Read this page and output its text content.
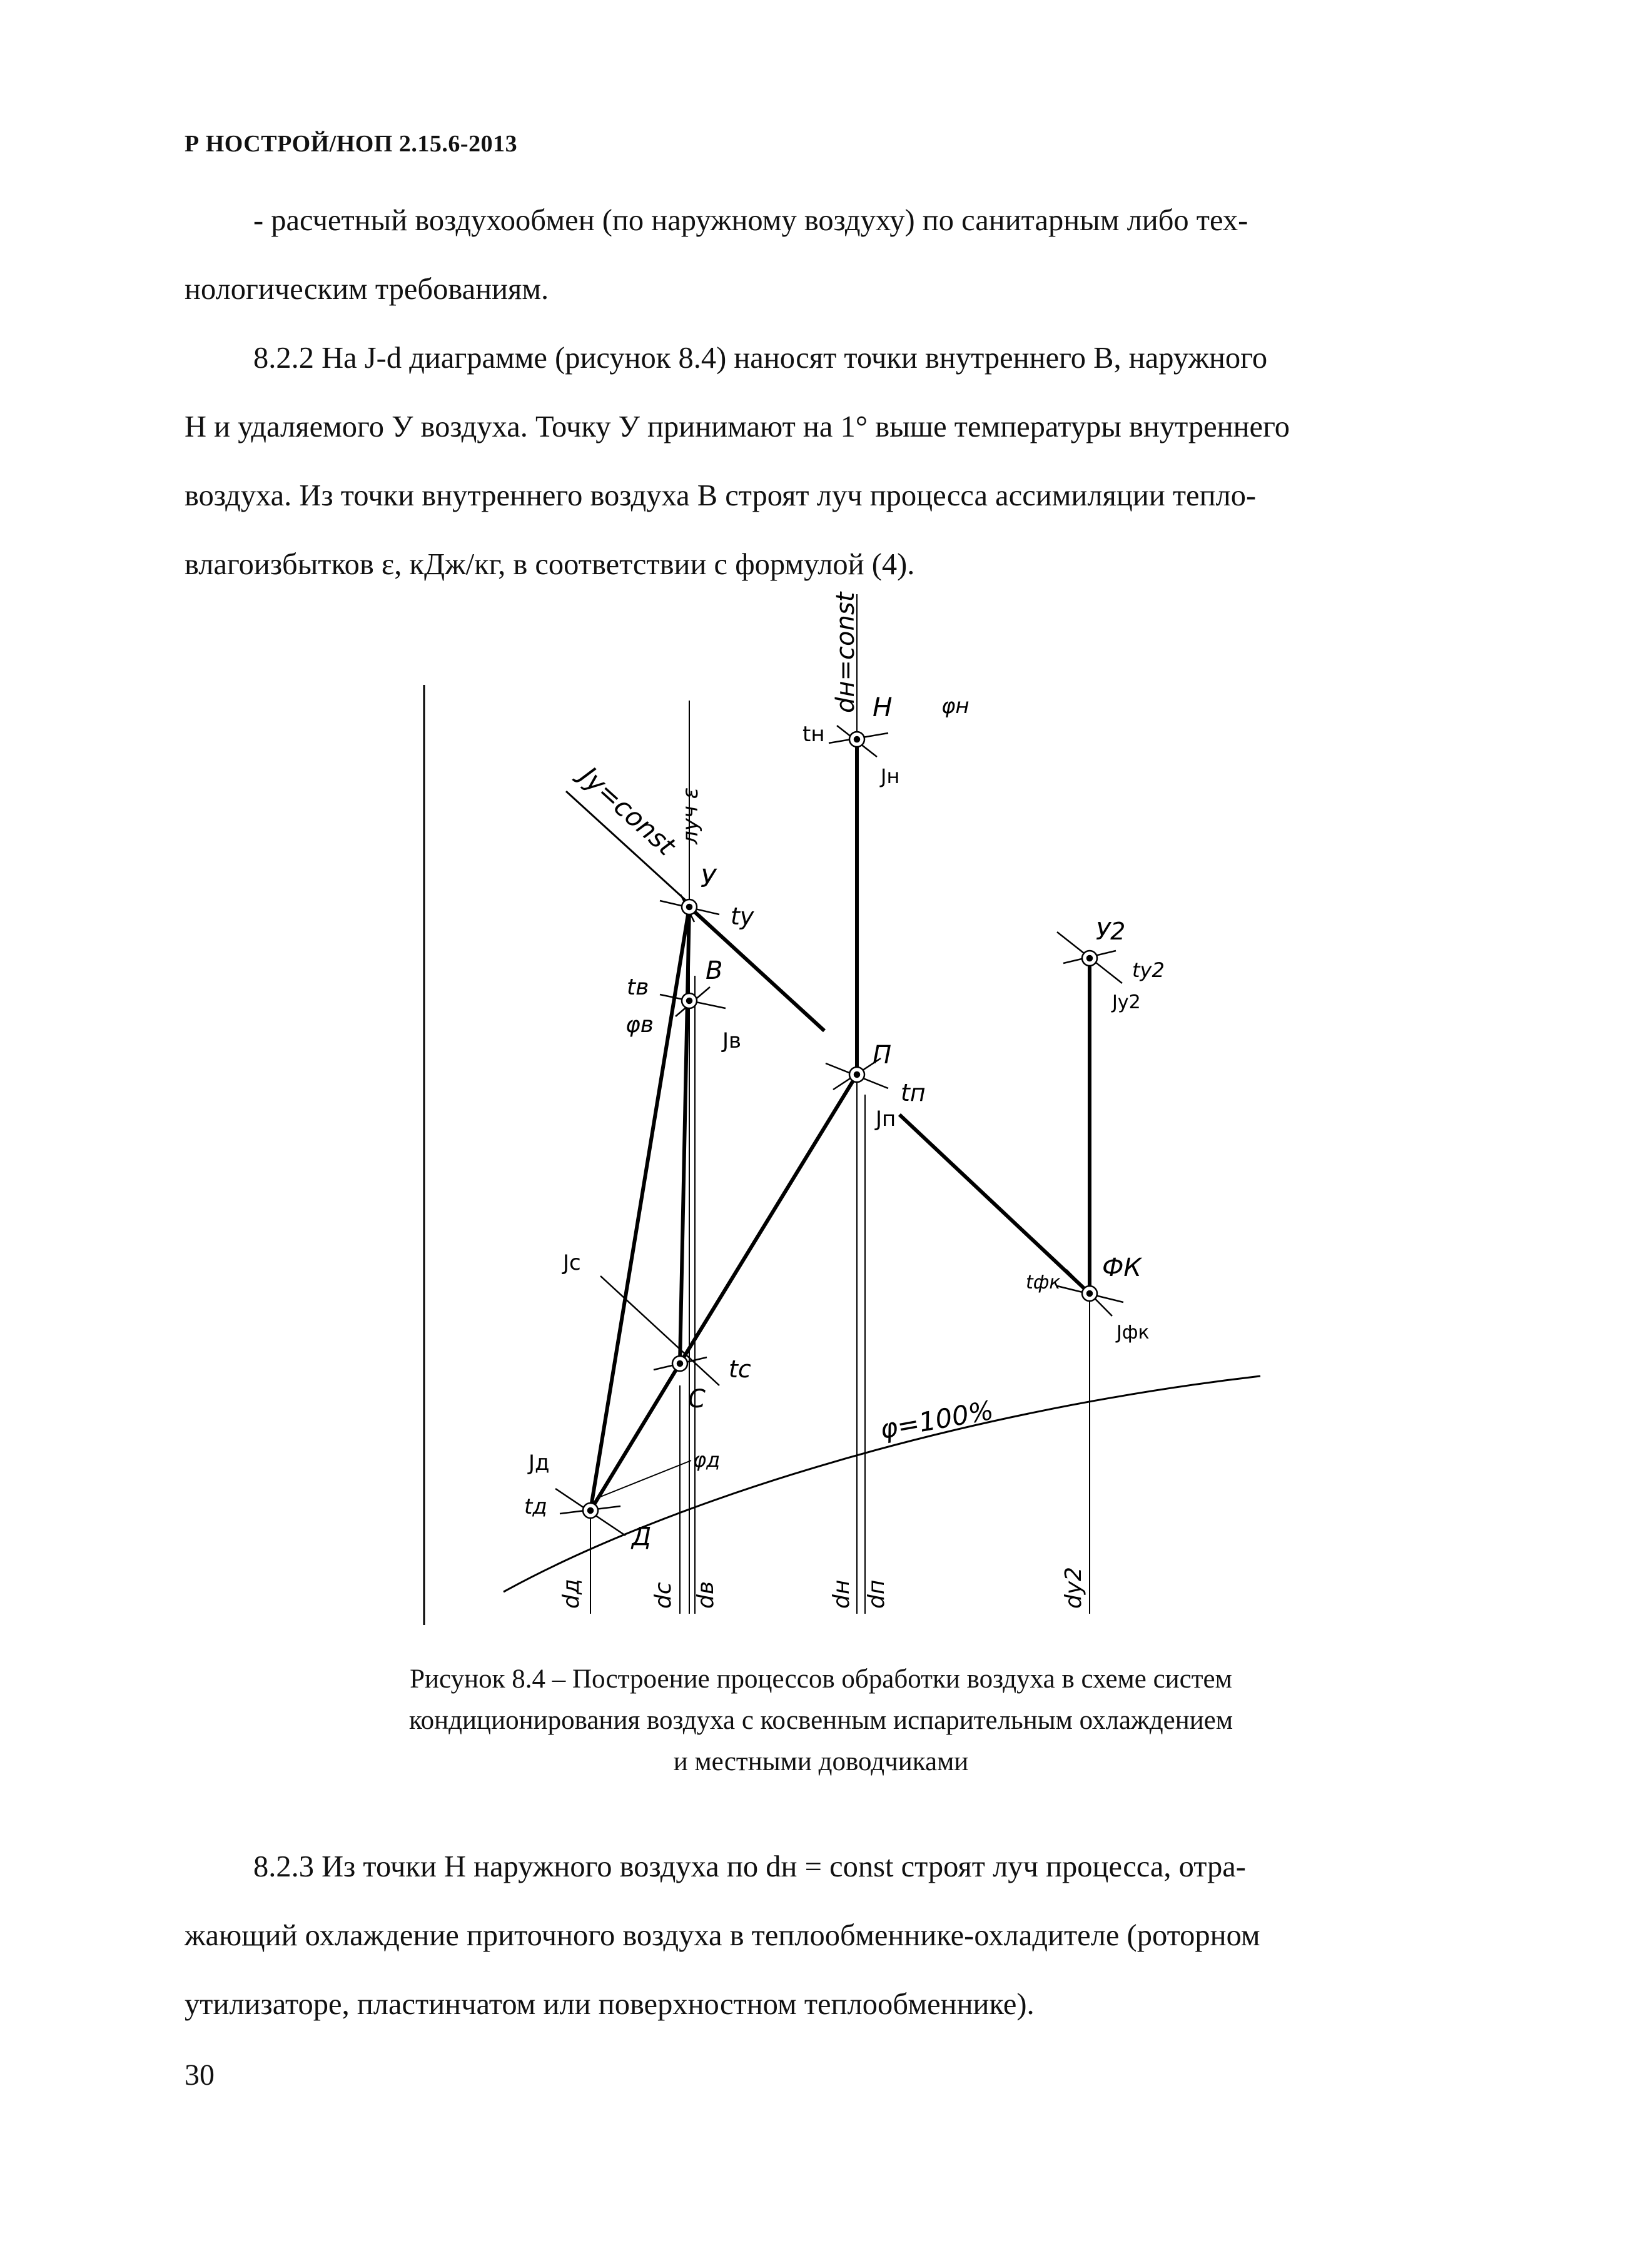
Р НОСТРОЙ/НОП 2.15.6-2013
- расчетный воздухообмен (по наружному воздуху) по санитарным либо тех-
нологическим требованиям.
8.2.2 На J-d диаграмме (рисунок 8.4) наносят точки внутреннего В, наружного
Н и удаляемого У воздуха. Точку У принимают на 1° выше температуры внутреннего
воздуха. Из точки внутреннего воздуха В строят луч процесса ассимиляции тепло-
влагоизбытков ε, кДж/кг, в соответствии с формулой (4).
dн=const
Jу=const
луч ε
φ=100%
Н
tн
Jн
φн
У
tу
В
tв
φв
Jв	П
tп
Jп
У2
tу2
Jу2
ФК
tфк
Jфк
С
tс
Jс
Д
tд
Jд	φд
dд	dс dв	dн dп	dу2
Рисунок 8.4 – Построение процессов обработки воздуха в схеме систем
кондиционирования воздуха с косвенным испарительным охлаждением
и местными доводчиками
8.2.3 Из точки Н наружного воздуха по dн = const строят луч процесса, отра-
жающий охлаждение приточного воздуха в теплообменнике-охладителе (роторном
утилизаторе, пластинчатом или поверхностном теплообменнике).
30
